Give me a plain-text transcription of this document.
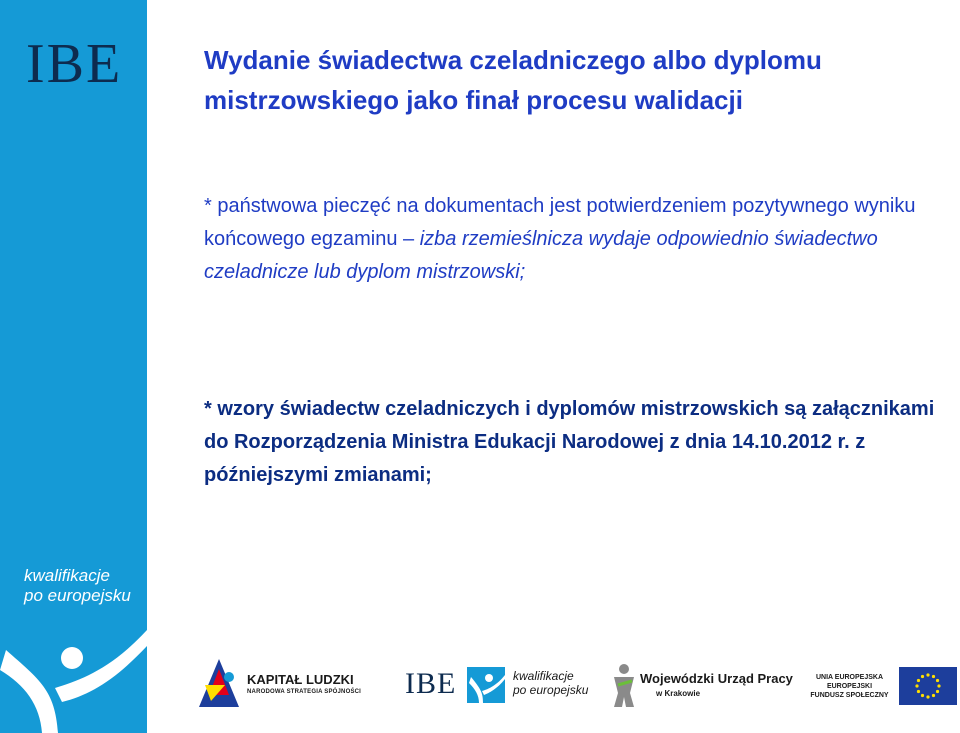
IBE
kwalifikacje
po europejsku
Wydanie świadectwa czeladniczego albo dyplomu
mistrzowskiego jako finał procesu walidacji

* państwowa pieczęć na dokumentach jest potwierdzeniem pozytywnego wyniku końcowego egzaminu – izba rzemieślnicza wydaje odpowiednio świadectwo czeladnicze lub dyplom mistrzowski;

* wzory świadectw czeladniczych i dyplomów mistrzowskich są załącznikami do Rozporządzenia Ministra Edukacji Narodowej z dnia 14.10.2012 r. z późniejszymi zmianami;

KAPITAŁ LUDZKI
NARODOWA STRATEGIA SPÓJNOŚCI IBE	kwalifikacje
po europejsku
Wojewódzki Urząd Pracy
w Krakowie
UNIA EUROPEJSKA
EUROPEJSKI
FUNDUSZ SPOŁECZNY
